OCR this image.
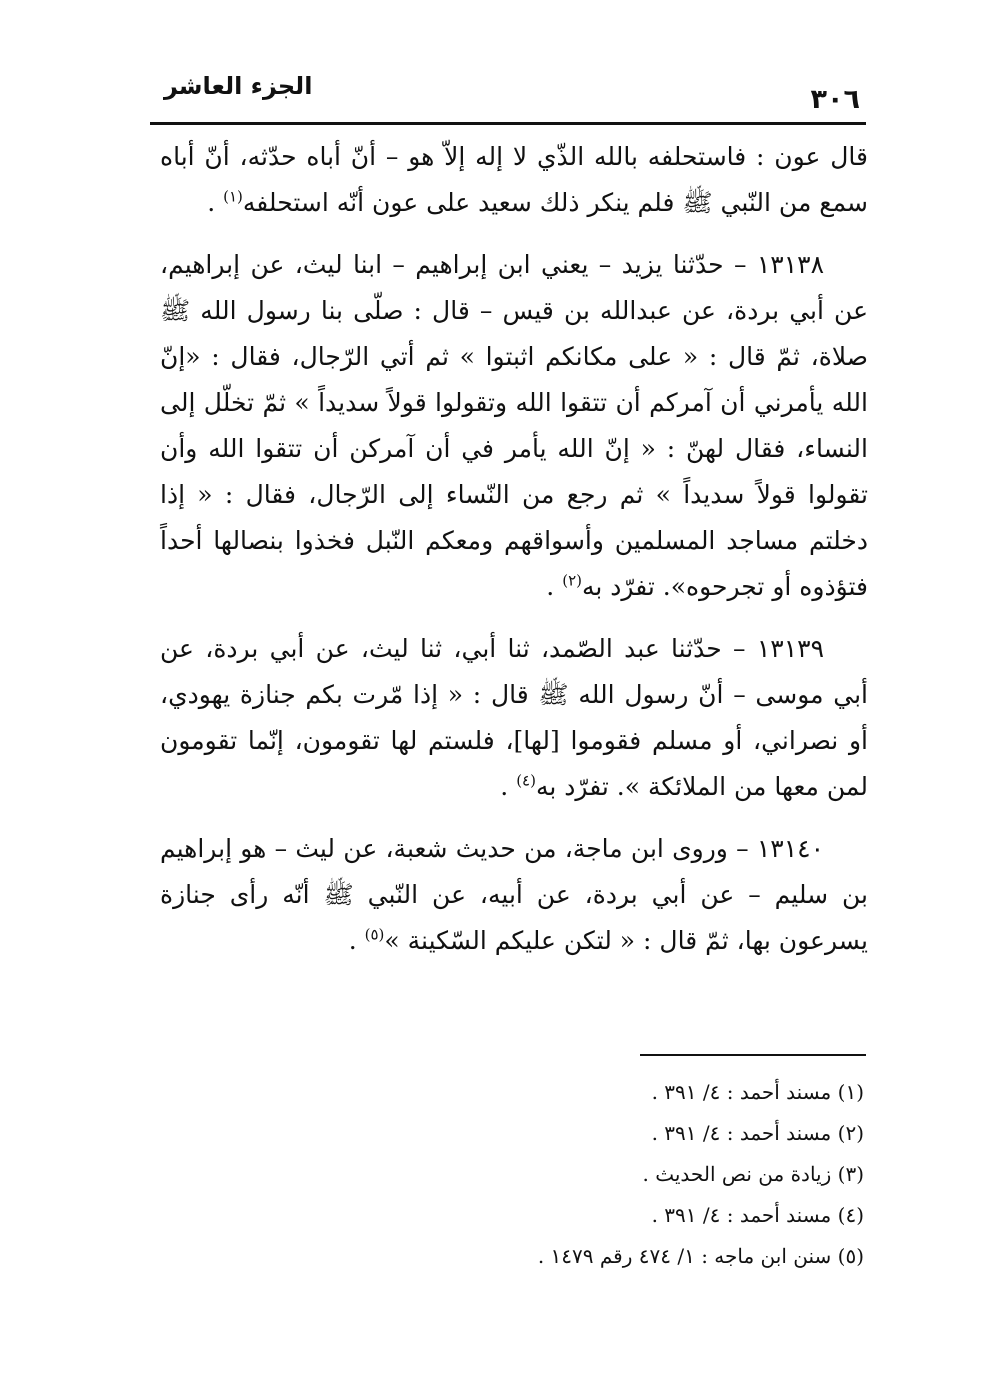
٣٠٦
الجزء العاشر

قال عون : فاستحلفه بالله الذّي لا إله إلاّ هو – أنّ أباه حدّثه، أنّ أباه سمع من النّبي ﷺ فلم ينكر ذلك سعيد على عون أنّه استحلفه$^{(١)}$ .

١٣١٣٨ – حدّثنا يزيد – يعني ابن إبراهيم – ابنا ليث، عن إبراهيم، عن أبي بردة، عن عبدالله بن قيس – قال : صلّى بنا رسول الله ﷺ صلاة، ثمّ قال : « على مكانكم اثبتوا » ثم أتي الرّجال، فقال : «إنّ الله يأمرني أن آمركم أن تتقوا الله وتقولوا قولاً سديداً » ثمّ تخلّل إلى النساء، فقال لهنّ : « إنّ الله يأمر في أن آمركن أن تتقوا الله وأن تقولوا قولاً سديداً » ثم رجع من النّساء إلى الرّجال، فقال : « إذا دخلتم مساجد المسلمين وأسواقهم ومعكم النّبل فخذوا بنصالها أحداً فتؤذوه أو تجرحوه». تفرّد به$^{(٢)}$ .

١٣١٣٩ – حدّثنا عبد الصّمد، ثنا أبي، ثنا ليث، عن أبي بردة، عن أبي موسى – أنّ رسول الله ﷺ قال : « إذا مّرت بكم جنازة يهودي، أو نصراني، أو مسلم فقوموا [لها]، فلستم لها تقومون، إنّما تقومون لمن معها من الملائكة ». تفرّد به$^{(٤)}$ .

١٣١٤٠ – وروى ابن ماجة، من حديث شعبة، عن ليث – هو إبراهيم بن سليم – عن أبي بردة، عن أبيه، عن النّبي ﷺ أنّه رأى جنازة يسرعون بها، ثمّ قال : « لتكن عليكم السّكينة »$^{(٥)}$ .

(١) مسند أحمد : ٤/ ٣٩١ .

(٢) مسند أحمد : ٤/ ٣٩١ .

(٣) زيادة من نص الحديث .

(٤) مسند أحمد : ٤/ ٣٩١ .

(٥) سنن ابن ماجه : ١/ ٤٧٤ رقم ١٤٧٩ .
